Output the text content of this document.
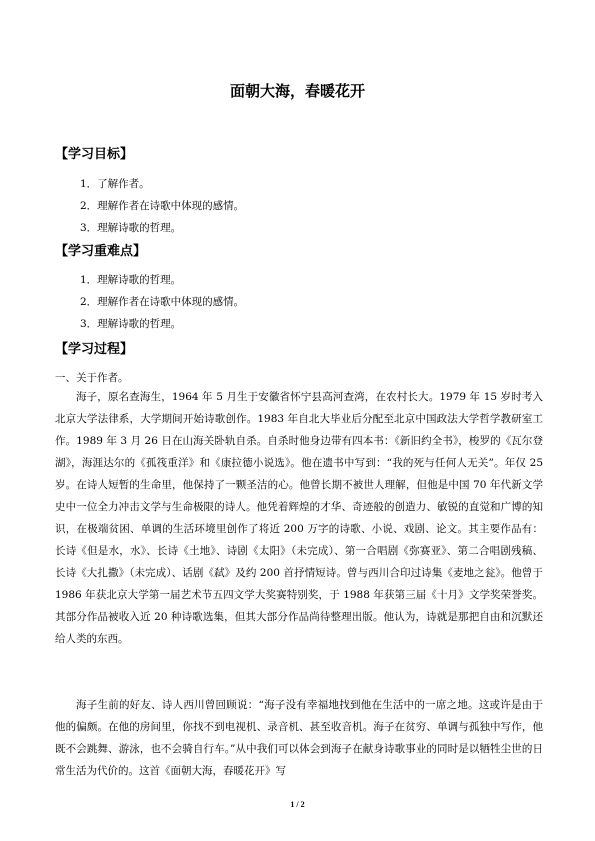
面朝大海，春暖花开
【学习目标】
1．了解作者。
2．理解作者在诗歌中体现的感情。
3．理解诗歌的哲理。
【学习重难点】
1．理解诗歌的哲理。
2．理解作者在诗歌中体现的感情。
3．理解诗歌的哲理。
【学习过程】
一、关于作者。

海子，原名查海生，1964 年 5 月生于安徽省怀宁县高河查湾，在农村长大。1979 年 15 岁时考入北京大学法律系，大学期间开始诗歌创作。1983 年自北大毕业后分配至北京中国政法大学哲学教研室工作。1989 年 3 月 26 日在山海关卧轨自杀。自杀时他身边带有四本书：《新旧约全书》，梭罗的《瓦尔登湖》，海涯达尔的《孤筏重洋》和《康拉德小说选》。他在遗书中写到：“我的死与任何人无关”。年仅 25 岁。在诗人短暂的生命里，他保持了一颗圣洁的心。他曾长期不被世人理解，但他是中国 70 年代新文学史中一位全力冲击文学与生命极限的诗人。他凭着辉煌的才华、奇迹般的创造力、敏锐的直觉和广博的知识，在极端贫困、单调的生活环境里创作了将近 200 万字的诗歌、小说、戏剧、论文。其主要作品有：长诗《但是水，水》、长诗《土地》、诗剧《太阳》（未完成）、第一合唱剧《弥赛亚》、第二合唱剧残稿、长诗《大扎撒》（未完成）、话剧《弑》及约 200 首抒情短诗。曾与西川合印过诗集《麦地之瓮》。他曾于 1986 年获北京大学第一届艺术节五四文学大奖赛特别奖，于 1988 年获第三届《十月》文学奖荣誉奖。其部分作品被收入近 20 种诗歌选集，但其大部分作品尚待整理出版。他认为，诗就是那把自由和沉默还给人类的东西。

海子生前的好友、诗人西川曾回顾说：“海子没有幸福地找到他在生活中的一席之地。这或许是由于他的偏颇。在他的房间里，你找不到电视机、录音机、甚至收音机。海子在贫穷、单调与孤独中写作，他既不会跳舞、游泳，也不会骑自行车。”从中我们可以体会到海子在献身诗歌事业的同时是以牺牲尘世的日常生活为代价的。这首《面朝大海，春暖花开》写

1 / 2
